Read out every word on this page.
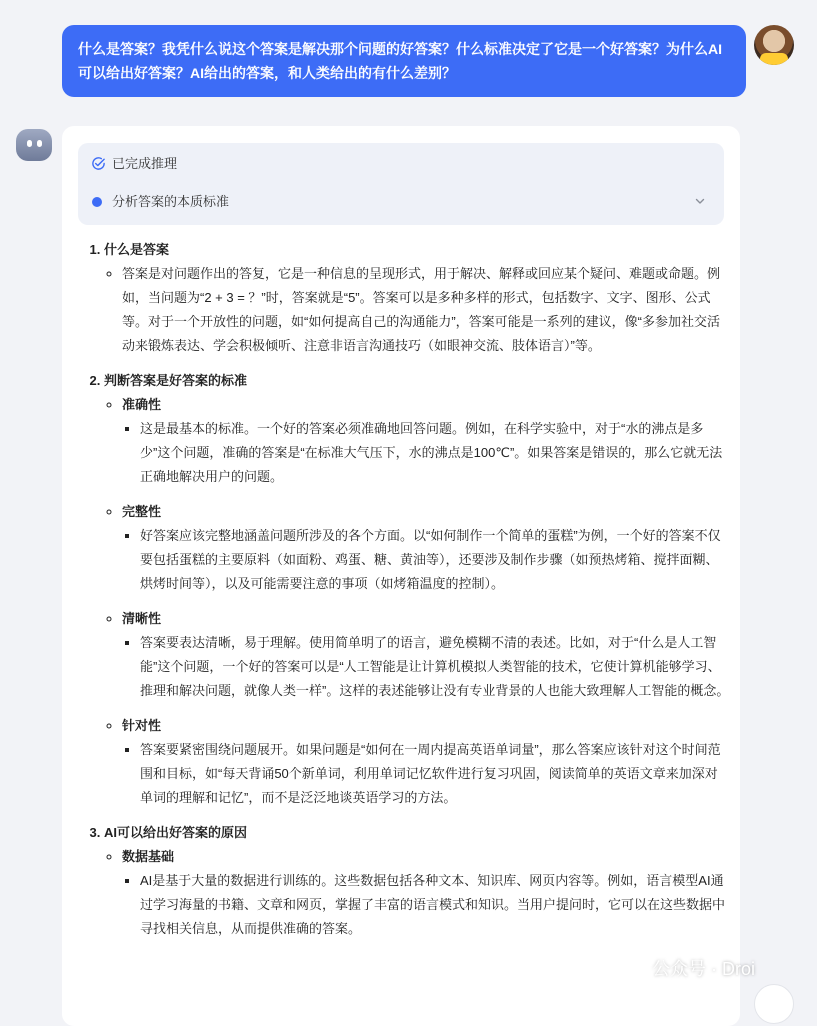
什么是答案？我凭什么说这个答案是解决那个问题的好答案？什么标准决定了它是一个好答案？为什么AI可以给出好答案？AI给出的答案，和人类给出的有什么差别？
已完成推理
分析答案的本质标准
1. 什么是答案
◦ 答案是对问题作出的答复，它是一种信息的呈现形式，用于解决、解释或回应某个疑问、难题或命题。例如，当问题为“2 + 3 = ？”时，答案就是“5”。答案可以是多种多样的形式，包括数字、文字、图形、公式等。对于一个开放性的问题，如“如何提高自己的沟通能力”，答案可能是一系列的建议，像“多参加社交活动来锻炼表达、学会积极倾听、注意非语言沟通技巧（如眼神交流、肢体语言）”等。
2. 判断答案是好答案的标准
◦ 准确性
▪ 这是最基本的标准。一个好的答案必须准确地回答问题。例如，在科学实验中，对于“水的沸点是多少”这个问题，准确的答案是“在标准大气压下，水的沸点是100℃”。如果答案是错误的，那么它就无法正确地解决用户的问题。
◦ 完整性
▪ 好答案应该完整地涵盖问题所涉及的各个方面。以“如何制作一个简单的蛋糕”为例，一个好的答案不仅要包括蛋糕的主要原料（如面粉、鸡蛋、糖、黄油等），还要涉及制作步骤（如预热烤箱、搅拌面糊、烘烤时间等），以及可能需要注意的事项（如烤箱温度的控制）。
◦ 清晰性
▪ 答案要表达清晰，易于理解。使用简单明了的语言，避免模糊不清的表述。比如，对于“什么是人工智能”这个问题，一个好的答案可以是“人工智能是让计算机模拟人类智能的技术，它使计算机能够学习、推理和解决问题，就像人类一样”。这样的表述能够让没有专业背景的人也能大致理解人工智能的概念。
◦ 针对性
▪ 答案要紧密围绕问题展开。如果问题是“如何在一周内提高英语单词量”，那么答案应该针对这个时间范围和目标，如“每天背诵50个新单词，利用单词记忆软件进行复习巩固，阅读简单的英语文章来加深对单词的理解和记忆”，而不是泛泛地谈英语学习的方法。
3. AI可以给出好答案的原因
◦ 数据基础
▪ AI是基于大量的数据进行训练的。这些数据包括各种文本、知识库、网页内容等。例如，语言模型AI通过学习海量的书籍、文章和网页，掌握了丰富的语言模式和知识。当用户提问时，它可以在这些数据中寻找相关信息，从而提供准确的答案。
公众号 · Droi
